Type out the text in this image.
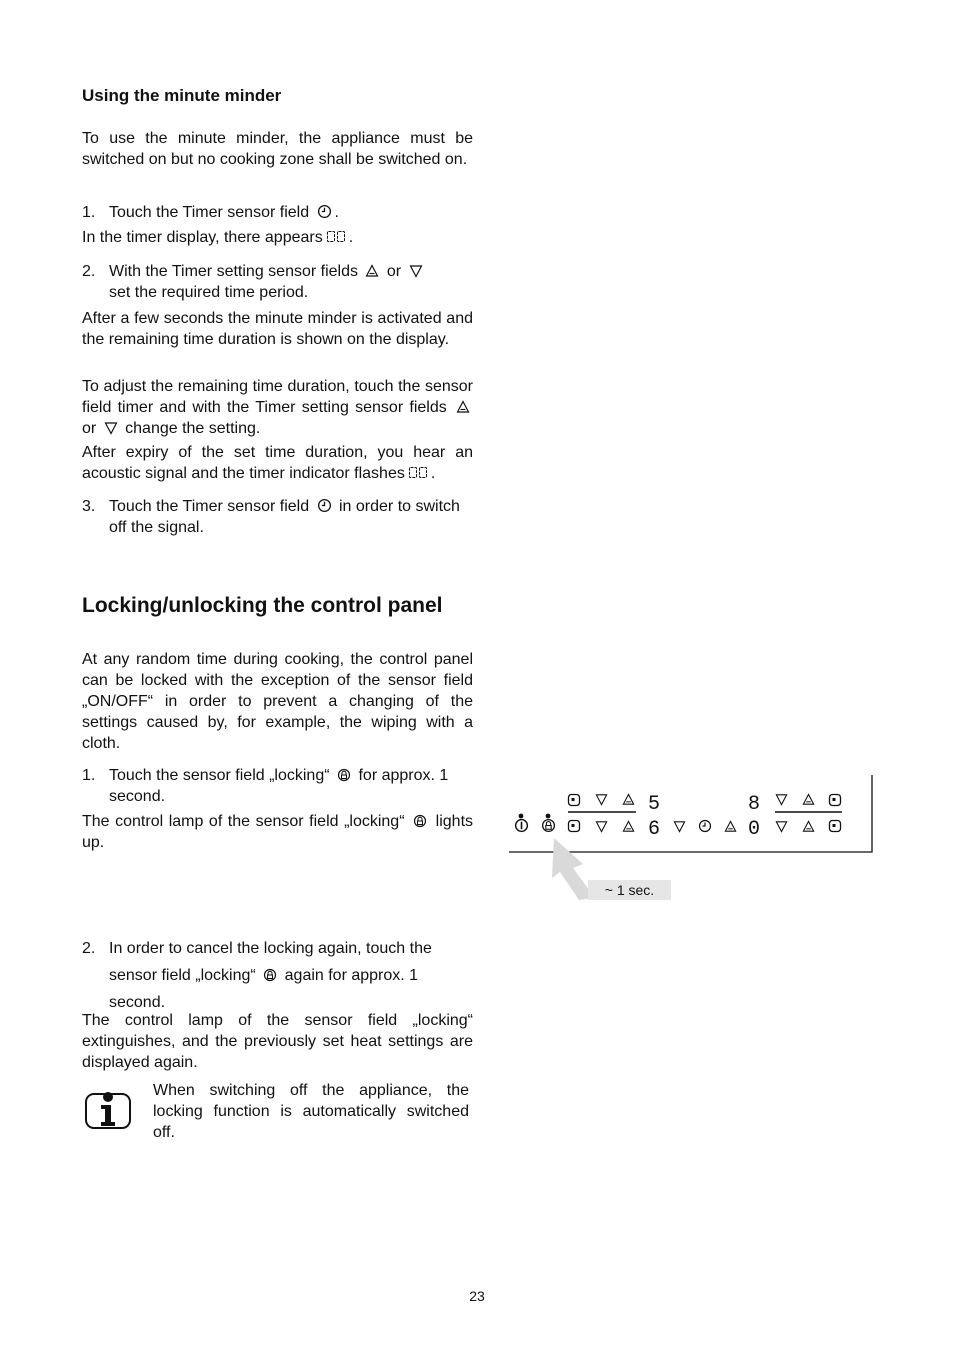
Using the minute minder

To use the minute minder, the appliance must be switched on but no cooking zone shall be switched on.

1. Touch the Timer sensor field .

In the timer display, there appears .

2. With the Timer setting sensor fields or

set the required time period.

After a few seconds the minute minder is activated and the remaining time duration is shown on the display.

To adjust the remaining time duration, touch the sensor field timer and with the Timer setting sensor fields
or change the setting.

After expiry of the set time duration, you hear an acoustic signal and the timer indicator flashes .

3. Touch the Timer sensor field in order to switch off the signal.
Locking/unlocking the control panel

At any random time during cooking, the control panel can be locked with the exception of the sensor field „ON/OFF“ in order to prevent a changing of the settings caused by, for example, the wiping with a cloth.

1. Touch the sensor field „locking“ for approx. 1 second.

The control lamp of the sensor field „locking“ lights up.

2. In order to cancel the locking again, touch the sensor field „locking“ again for approx. 1 second.

The control lamp of the sensor field „locking“ extinguishes, and the previously set heat settings are displayed again.

When switching off the appliance, the locking function is automatically switched off.
5
6
8
0
~ 1 sec.
23
